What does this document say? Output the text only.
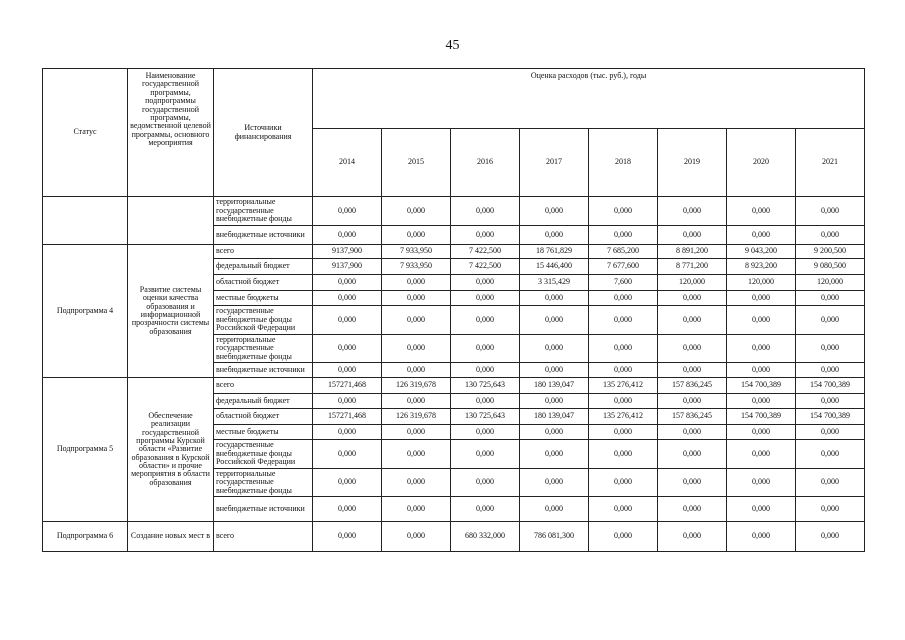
45
Статус	Наименование государственной программы, подпрограммы государственной программы, ведомственной целевой программы, основного мероприятия	Источники финансирования	Оценка расходов (тыс. руб.), годы							
			2014	2015	2016	2017	2018	2019	2020	2021
		территориальные государственные внебюджетные фонды	0,000	0,000	0,000	0,000	0,000	0,000	0,000	0,000
		внебюджетные источники	0,000	0,000	0,000	0,000	0,000	0,000	0,000	0,000
Подпрограмма 4	Развитие системы оценки качества образования и информационной прозрачности системы образования	всего	9137,900	7 933,950	7 422,500	18 761,829	7 685,200	8 891,200	9 043,200	9 200,500
		федеральный бюджет	9137,900	7 933,950	7 422,500	15 446,400	7 677,600	8 771,200	8 923,200	9 080,500
		областной бюджет	0,000	0,000	0,000	3 315,429	7,600	120,000	120,000	120,000
		местные бюджеты	0,000	0,000	0,000	0,000	0,000	0,000	0,000	0,000
		государственные внебюджетные фонды Российской Федерации	0,000	0,000	0,000	0,000	0,000	0,000	0,000	0,000
		территориальные государственные внебюджетные фонды	0,000	0,000	0,000	0,000	0,000	0,000	0,000	0,000
		внебюджетные источники	0,000	0,000	0,000	0,000	0,000	0,000	0,000	0,000
Подпрограмма 5	Обеспечение реализации государственной программы Курской области «Развитие образования в Курской области» и прочие мероприятия в области образования	всего	157271,468	126 319,678	130 725,643	180 139,047	135 276,412	157 836,245	154 700,389	154 700,389
		федеральный бюджет	0,000	0,000	0,000	0,000	0,000	0,000	0,000	0,000
		областной бюджет	157271,468	126 319,678	130 725,643	180 139,047	135 276,412	157 836,245	154 700,389	154 700,389
		местные бюджеты	0,000	0,000	0,000	0,000	0,000	0,000	0,000	0,000
		государственные внебюджетные фонды Российской Федерации	0,000	0,000	0,000	0,000	0,000	0,000	0,000	0,000
		территориальные государственные внебюджетные фонды	0,000	0,000	0,000	0,000	0,000	0,000	0,000	0,000
		внебюджетные источники	0,000	0,000	0,000	0,000	0,000	0,000	0,000	0,000
Подпрограмма 6	Создание новых мест в	всего	0,000	0,000	680 332,000	786 081,300	0,000	0,000	0,000	0,000
